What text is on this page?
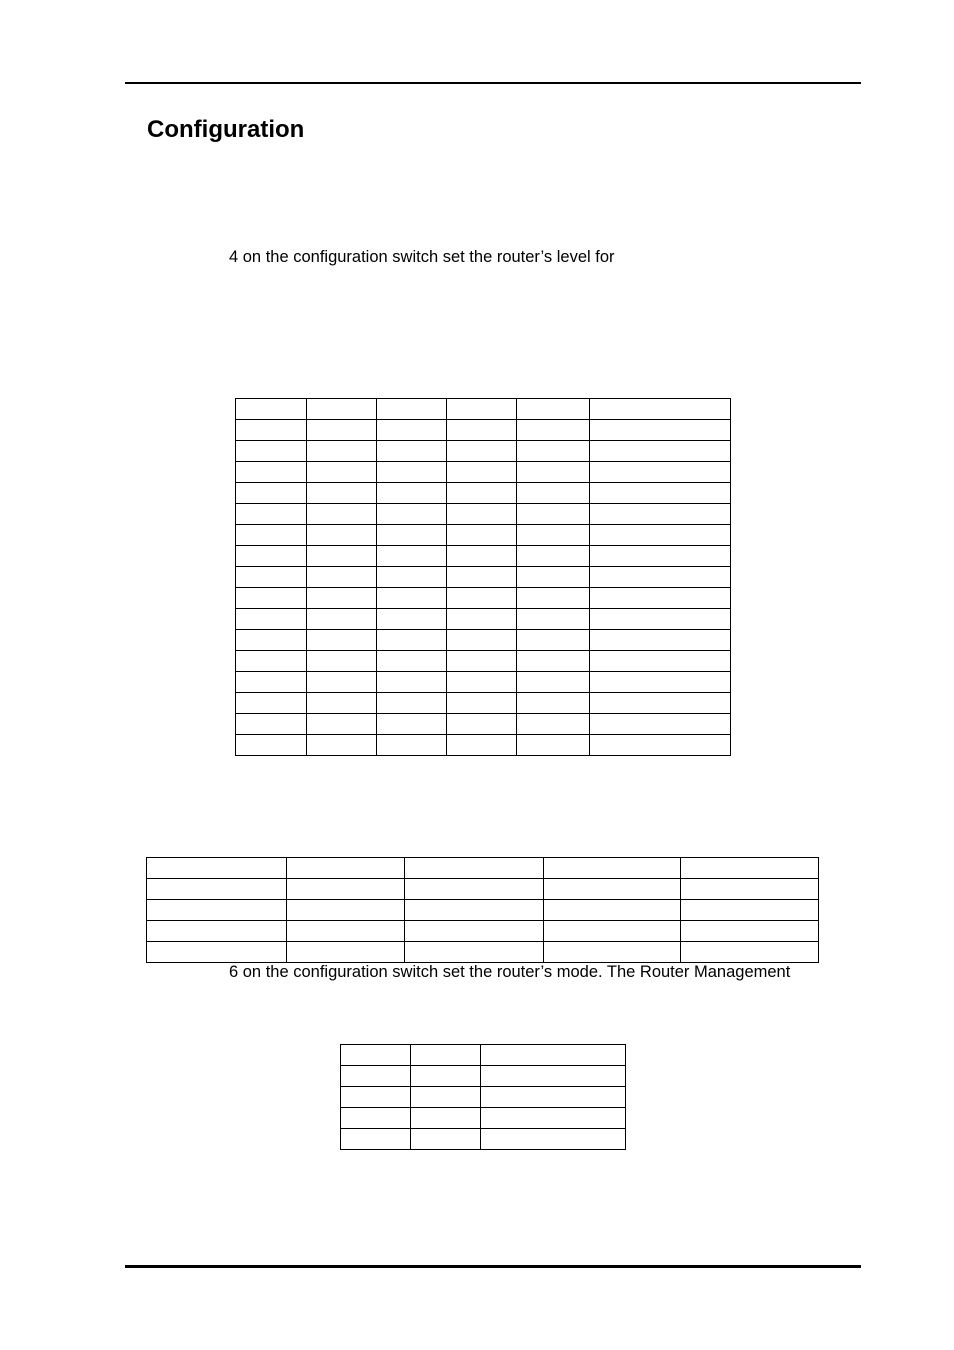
Configuration
4 on the configuration switch set the router’s level for

6 on the configuration switch set the router’s mode. The Router Management
